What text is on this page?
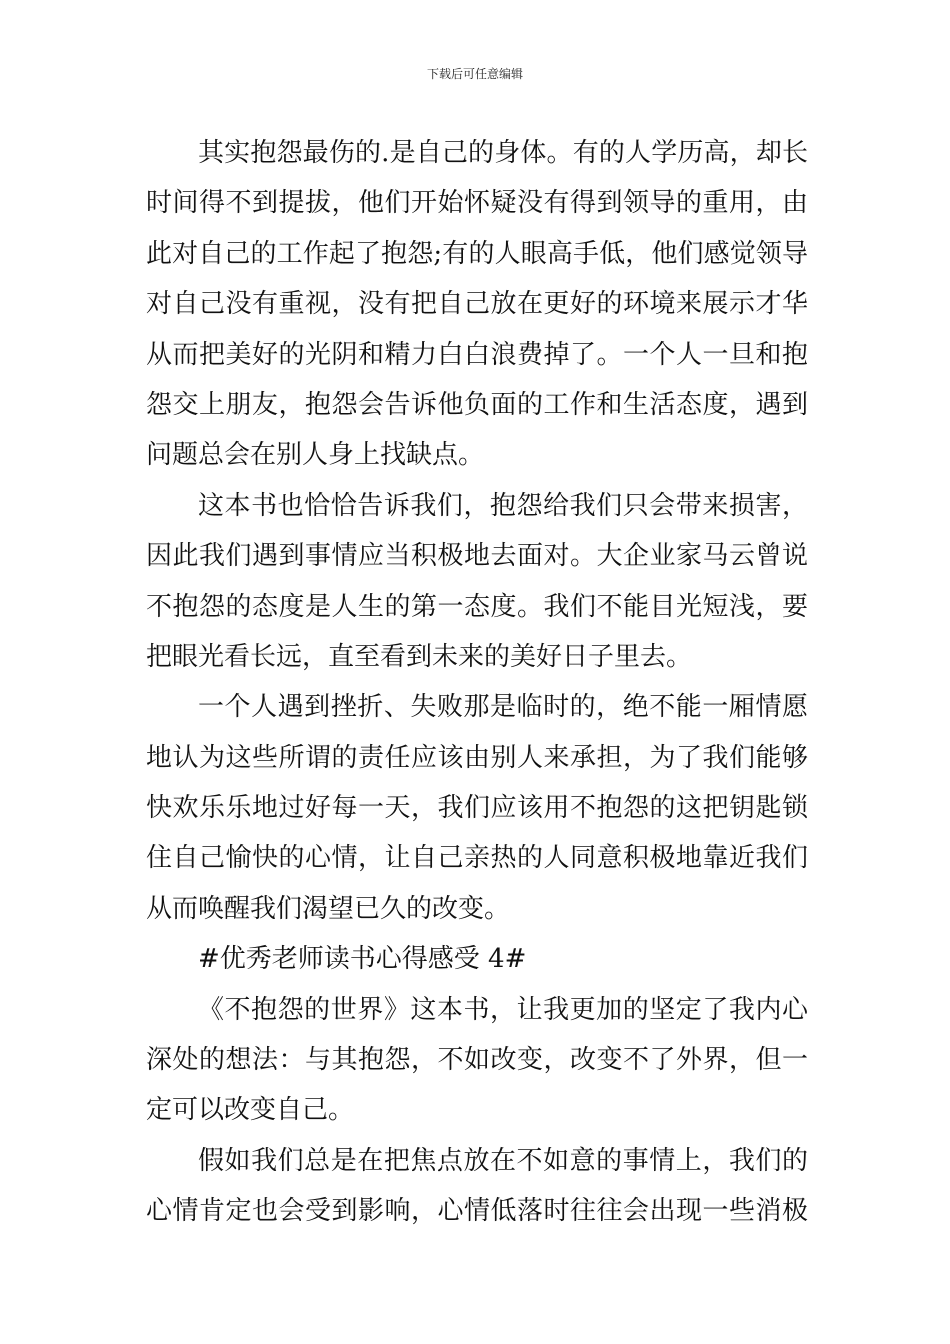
下载后可任意编辑
其实抱怨最伤的.是自己的身体。有的人学历高，却长
时间得不到提拔，他们开始怀疑没有得到领导的重用，由
此对自己的工作起了抱怨;有的人眼高手低，他们感觉领导
对自己没有重视，没有把自己放在更好的环境来展示才华
从而把美好的光阴和精力白白浪费掉了。一个人一旦和抱
怨交上朋友，抱怨会告诉他负面的工作和生活态度，遇到
问题总会在别人身上找缺点。
这本书也恰恰告诉我们，抱怨给我们只会带来损害，
因此我们遇到事情应当积极地去面对。大企业家马云曾说
不抱怨的态度是人生的第一态度。我们不能目光短浅，要
把眼光看长远，直至看到未来的美好日子里去。
一个人遇到挫折、失败那是临时的，绝不能一厢情愿
地认为这些所谓的责任应该由别人来承担，为了我们能够
快欢乐乐地过好每一天，我们应该用不抱怨的这把钥匙锁
住自己愉快的心情，让自己亲热的人同意积极地靠近我们
从而唤醒我们渴望已久的改变。
#优秀老师读书心得感受 4#
《不抱怨的世界》这本书，让我更加的坚定了我内心
深处的想法：与其抱怨，不如改变，改变不了外界，但一
定可以改变自己。
假如我们总是在把焦点放在不如意的事情上，我们的
心情肯定也会受到影响，心情低落时往往会出现一些消极
